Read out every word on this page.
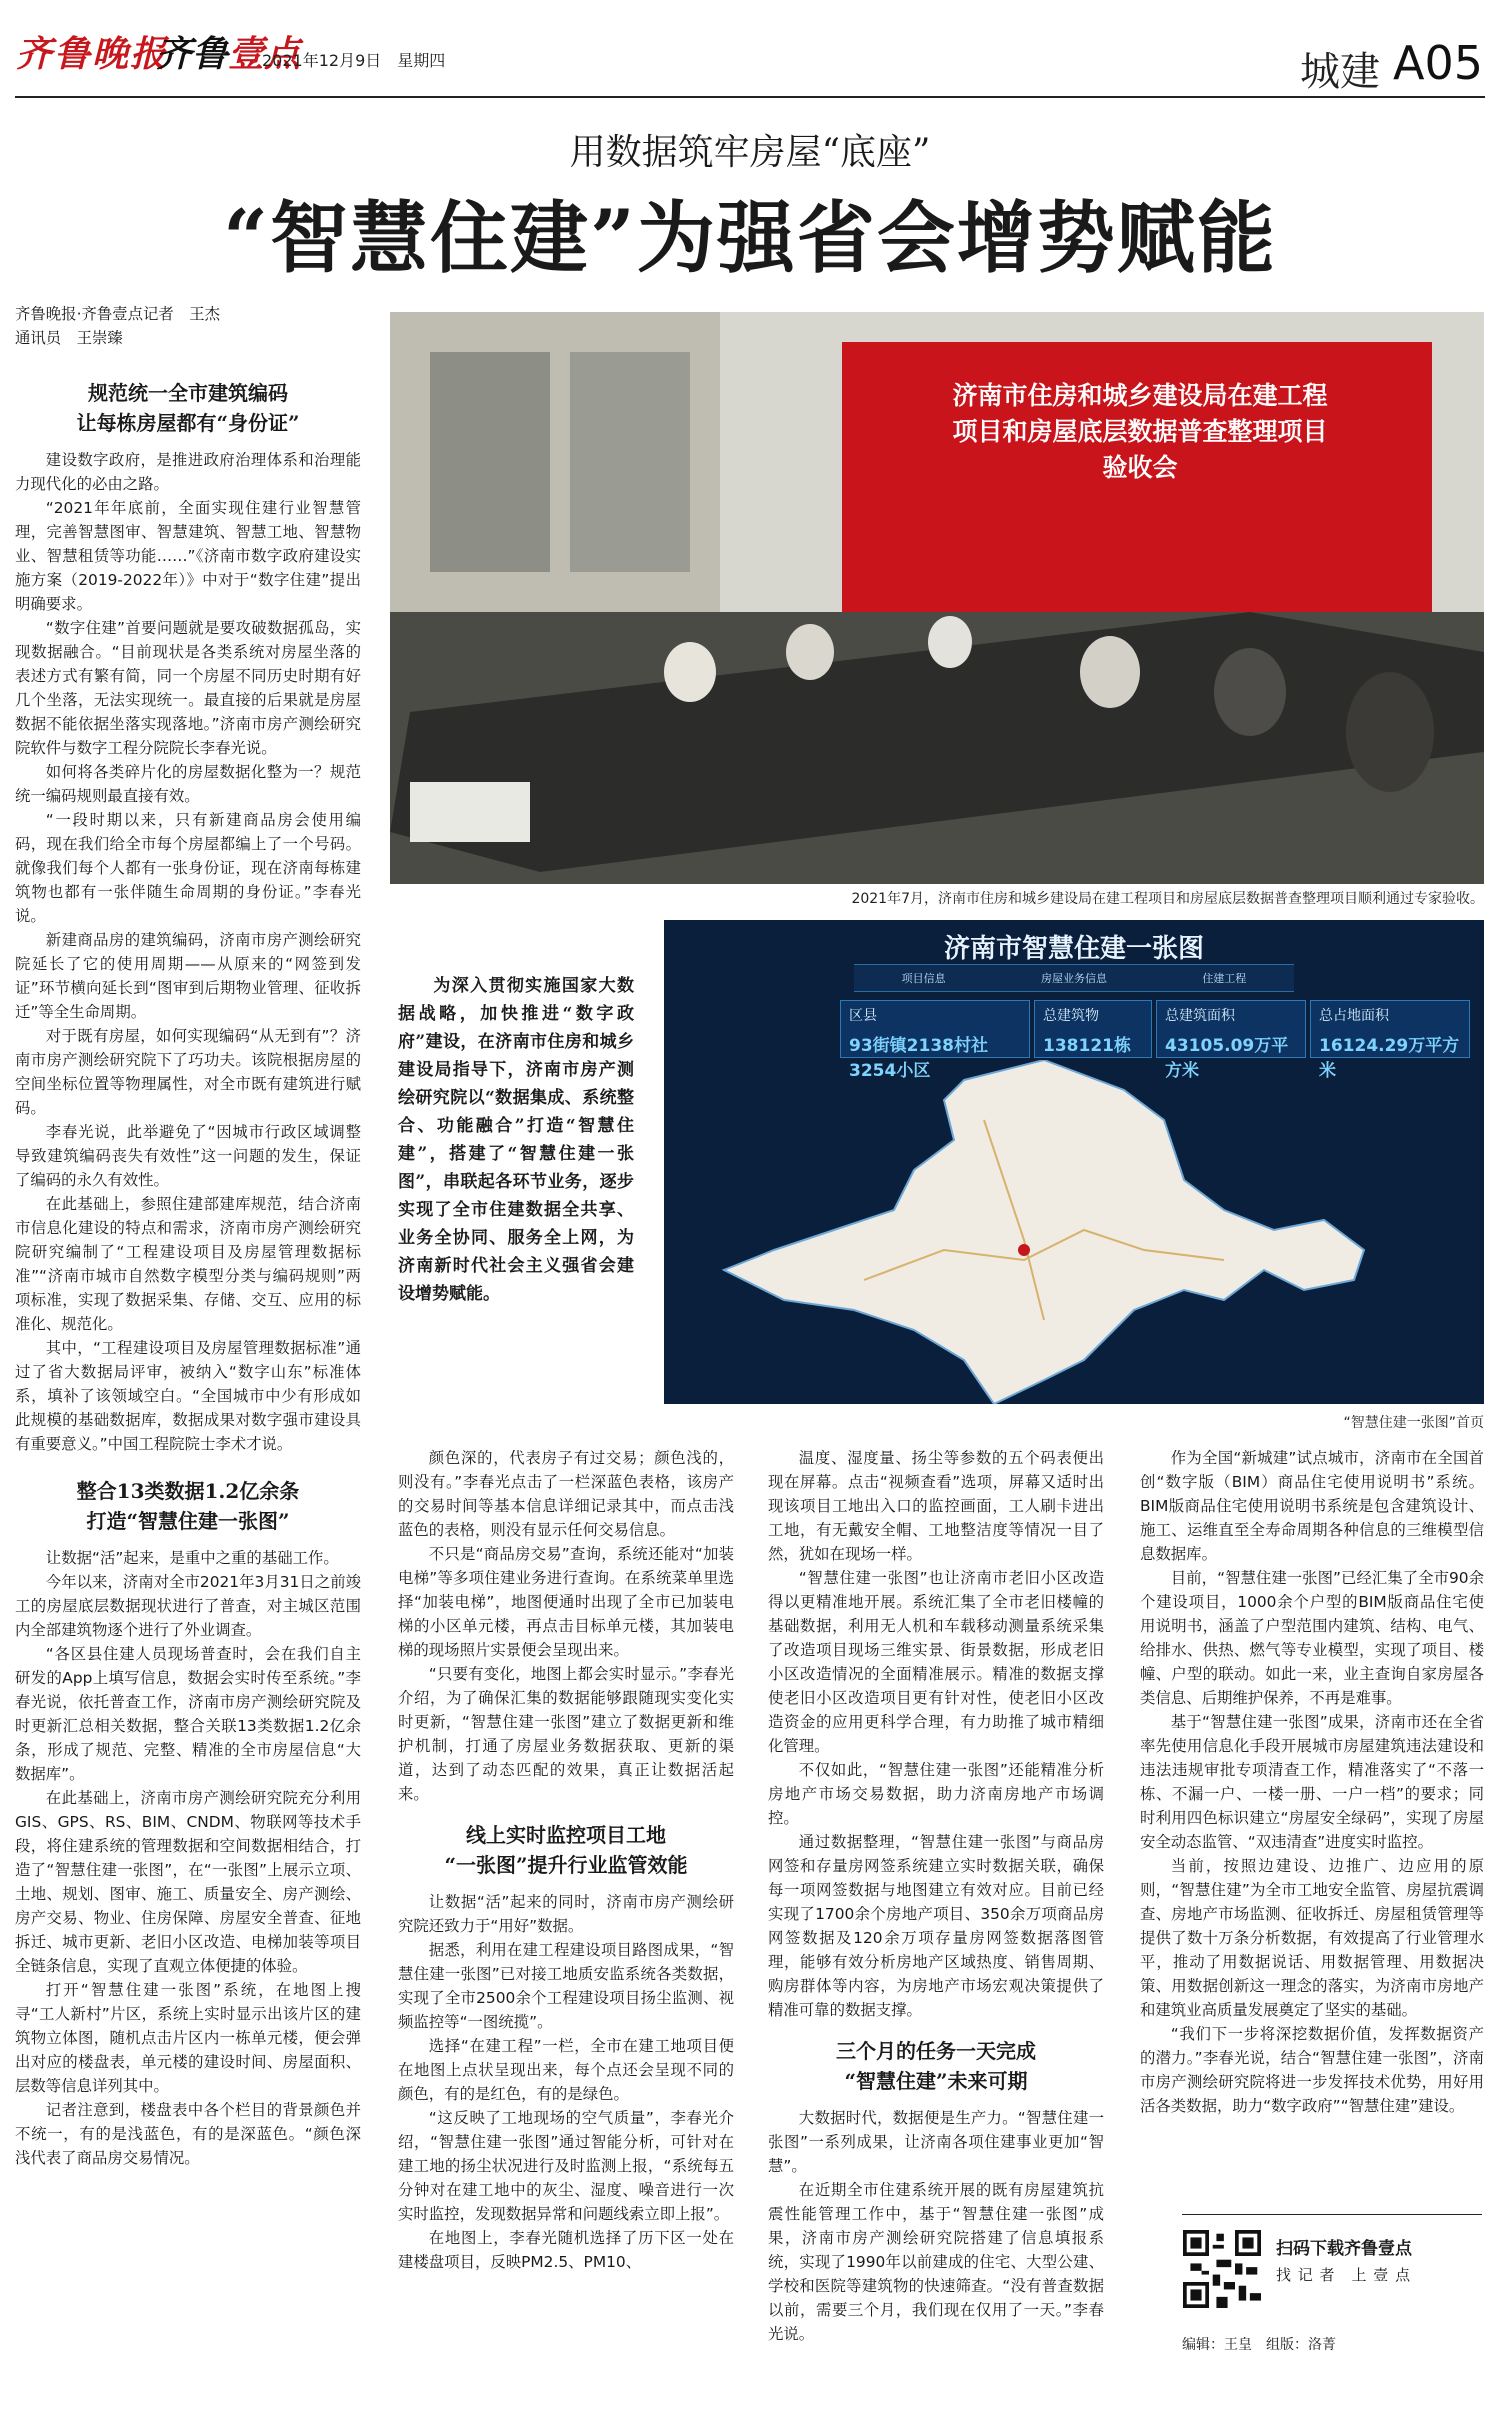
齐鲁晚报
齐鲁壹点
2021年12月9日　星期四	城建 A05
用数据筑牢房屋“底座”
“智慧住建”为强省会增势赋能
齐鲁晚报·齐鲁壹点记者　王杰
通讯员　王崇臻
规范统一全市建筑编码
让每栋房屋都有“身份证”

建设数字政府，是推进政府治理体系和治理能力现代化的必由之路。

“2021年年底前，全面实现住建行业智慧管理，完善智慧图审、智慧建筑、智慧工地、智慧物业、智慧租赁等功能……”《济南市数字政府建设实施方案（2019-2022年）》中对于“数字住建”提出明确要求。

“数字住建”首要问题就是要攻破数据孤岛，实现数据融合。“目前现状是各类系统对房屋坐落的表述方式有繁有简，同一个房屋不同历史时期有好几个坐落，无法实现统一。最直接的后果就是房屋数据不能依据坐落实现落地。”济南市房产测绘研究院软件与数字工程分院院长李春光说。

如何将各类碎片化的房屋数据化整为一？规范统一编码规则最直接有效。

“一段时期以来，只有新建商品房会使用编码，现在我们给全市每个房屋都编上了一个号码。就像我们每个人都有一张身份证，现在济南每栋建筑物也都有一张伴随生命周期的身份证。”李春光说。

新建商品房的建筑编码，济南市房产测绘研究院延长了它的使用周期——从原来的“网签到发证”环节横向延长到“图审到后期物业管理、征收拆迁”等全生命周期。

对于既有房屋，如何实现编码“从无到有”？济南市房产测绘研究院下了巧功夫。该院根据房屋的空间坐标位置等物理属性，对全市既有建筑进行赋码。

李春光说，此举避免了“因城市行政区域调整导致建筑编码丧失有效性”这一问题的发生，保证了编码的永久有效性。

在此基础上，参照住建部建库规范，结合济南市信息化建设的特点和需求，济南市房产测绘研究院研究编制了“工程建设项目及房屋管理数据标准”“济南市城市自然数字模型分类与编码规则”两项标准，实现了数据采集、存储、交互、应用的标准化、规范化。

其中，“工程建设项目及房屋管理数据标准”通过了省大数据局评审，被纳入“数字山东”标准体系，填补了该领域空白。“全国城市中少有形成如此规模的基础数据库，数据成果对数字强市建设具有重要意义。”中国工程院院士李术才说。

整合13类数据1.2亿余条
打造“智慧住建一张图”

让数据“活”起来，是重中之重的基础工作。

今年以来，济南对全市2021年3月31日之前竣工的房屋底层数据现状进行了普查，对主城区范围内全部建筑物逐个进行了外业调查。

“各区县住建人员现场普查时，会在我们自主研发的App上填写信息，数据会实时传至系统。”李春光说，依托普查工作，济南市房产测绘研究院及时更新汇总相关数据，整合关联13类数据1.2亿余条，形成了规范、完整、精准的全市房屋信息“大数据库”。

在此基础上，济南市房产测绘研究院充分利用GIS、GPS、RS、BIM、CNDM、物联网等技术手段，将住建系统的管理数据和空间数据相结合，打造了“智慧住建一张图”，在“一张图”上展示立项、土地、规划、图审、施工、质量安全、房产测绘、房产交易、物业、住房保障、房屋安全普查、征地拆迁、城市更新、老旧小区改造、电梯加装等项目全链条信息，实现了直观立体便捷的体验。

打开“智慧住建一张图”系统，在地图上搜寻“工人新村”片区，系统上实时显示出该片区的建筑物立体图，随机点击片区内一栋单元楼，便会弹出对应的楼盘表，单元楼的建设时间、房屋面积、层数等信息详列其中。

记者注意到，楼盘表中各个栏目的背景颜色并不统一，有的是浅蓝色，有的是深蓝色。“颜色深浅代表了商品房交易情况。

济南市住房和城乡建设局在建工程
项目和房屋底层数据普查整理项目
验收会
2021年7月，济南市住房和城乡建设局在建工程项目和房屋底层数据普查整理项目顺利通过专家验收。
为深入贯彻实施国家大数据战略，加快推进“数字政府”建设，在济南市住房和城乡建设局指导下，济南市房产测绘研究院以“数据集成、系统整合、功能融合”打造“智慧住建”，搭建了“智慧住建一张图”，串联起各环节业务，逐步实现了全市住建数据全共享、业务全协同、服务全上网，为济南新时代社会主义强省会建设增势赋能。
济南市智慧住建一张图
项目信息	房屋业务信息	住建工程
区县
93街镇2138村社3254小区
总建筑物
138121栋
总建筑面积
43105.09万平方米
总占地面积
16124.29万平方米
“智慧住建一张图”首页

颜色深的，代表房子有过交易；颜色浅的，则没有。”李春光点击了一栏深蓝色表格，该房产的交易时间等基本信息详细记录其中，而点击浅蓝色的表格，则没有显示任何交易信息。

不只是“商品房交易”查询，系统还能对“加装电梯”等多项住建业务进行查询。在系统菜单里选择“加装电梯”，地图便通时出现了全市已加装电梯的小区单元楼，再点击目标单元楼，其加装电梯的现场照片实景便会呈现出来。

“只要有变化，地图上都会实时显示。”李春光介绍，为了确保汇集的数据能够跟随现实变化实时更新，“智慧住建一张图”建立了数据更新和维护机制，打通了房屋业务数据获取、更新的渠道，达到了动态匹配的效果，真正让数据活起来。

线上实时监控项目工地
“一张图”提升行业监管效能

让数据“活”起来的同时，济南市房产测绘研究院还致力于“用好”数据。

据悉，利用在建工程建设项目路图成果，“智慧住建一张图”已对接工地质安监系统各类数据，实现了全市2500余个工程建设项目扬尘监测、视频监控等“一图统揽”。

选择“在建工程”一栏，全市在建工地项目便在地图上点状呈现出来，每个点还会呈现不同的颜色，有的是红色，有的是绿色。

“这反映了工地现场的空气质量”，李春光介绍，“智慧住建一张图”通过智能分析，可针对在建工地的扬尘状况进行及时监测上报，“系统每五分钟对在建工地中的灰尘、湿度、噪音进行一次实时监控，发现数据异常和问题线索立即上报”。

在地图上，李春光随机选择了历下区一处在建楼盘项目，反映PM2.5、PM10、

温度、湿度量、扬尘等参数的五个码表便出现在屏幕。点击“视频查看”选项，屏幕又适时出现该项目工地出入口的监控画面，工人刷卡进出工地，有无戴安全帽、工地整洁度等情况一目了然，犹如在现场一样。

“智慧住建一张图”也让济南市老旧小区改造得以更精准地开展。系统汇集了全市老旧楼幢的基础数据，利用无人机和车载移动测量系统采集了改造项目现场三维实景、街景数据，形成老旧小区改造情况的全面精准展示。精准的数据支撑使老旧小区改造项目更有针对性，使老旧小区改造资金的应用更科学合理，有力助推了城市精细化管理。

不仅如此，“智慧住建一张图”还能精准分析房地产市场交易数据，助力济南房地产市场调控。

通过数据整理，“智慧住建一张图”与商品房网签和存量房网签系统建立实时数据关联，确保每一项网签数据与地图建立有效对应。目前已经实现了1700余个房地产项目、350余万项商品房网签数据及120余万项存量房网签数据落图管理，能够有效分析房地产区域热度、销售周期、购房群体等内容，为房地产市场宏观决策提供了精准可靠的数据支撑。

三个月的任务一天完成
“智慧住建”未来可期

大数据时代，数据便是生产力。“智慧住建一张图”一系列成果，让济南各项住建事业更加“智慧”。

在近期全市住建系统开展的既有房屋建筑抗震性能管理工作中，基于“智慧住建一张图”成果，济南市房产测绘研究院搭建了信息填报系统，实现了1990年以前建成的住宅、大型公建、学校和医院等建筑物的快速筛查。“没有普查数据以前，需要三个月，我们现在仅用了一天。”李春光说。

作为全国“新城建”试点城市，济南市在全国首创“数字版（BIM）商品住宅使用说明书”系统。BIM版商品住宅使用说明书系统是包含建筑设计、施工、运维直至全寿命周期各种信息的三维模型信息数据库。

目前，“智慧住建一张图”已经汇集了全市90余个建设项目，1000余个户型的BIM版商品住宅使用说明书，涵盖了户型范围内建筑、结构、电气、给排水、供热、燃气等专业模型，实现了项目、楼幢、户型的联动。如此一来，业主查询自家房屋各类信息、后期维护保养，不再是难事。

基于“智慧住建一张图”成果，济南市还在全省率先使用信息化手段开展城市房屋建筑违法建设和违法违规审批专项清查工作，精准落实了“不落一栋、不漏一户、一楼一册、一户一档”的要求；同时利用四色标识建立“房屋安全绿码”，实现了房屋安全动态监管、“双违清查”进度实时监控。

当前，按照边建设、边推广、边应用的原则，“智慧住建”为全市工地安全监管、房屋抗震调查、房地产市场监测、征收拆迁、房屋租赁管理等提供了数十万条分析数据，有效提高了行业管理水平，推动了用数据说话、用数据管理、用数据决策、用数据创新这一理念的落实，为济南市房地产和建筑业高质量发展奠定了坚实的基础。

“我们下一步将深挖数据价值，发挥数据资产的潜力。”李春光说，结合“智慧住建一张图”，济南市房产测绘研究院将进一步发挥技术优势，用好用活各类数据，助力“数字政府”“智慧住建”建设。

扫码下载齐鲁壹点
找 记 者　上 壹 点
编辑：王皇　组版：洛菁
